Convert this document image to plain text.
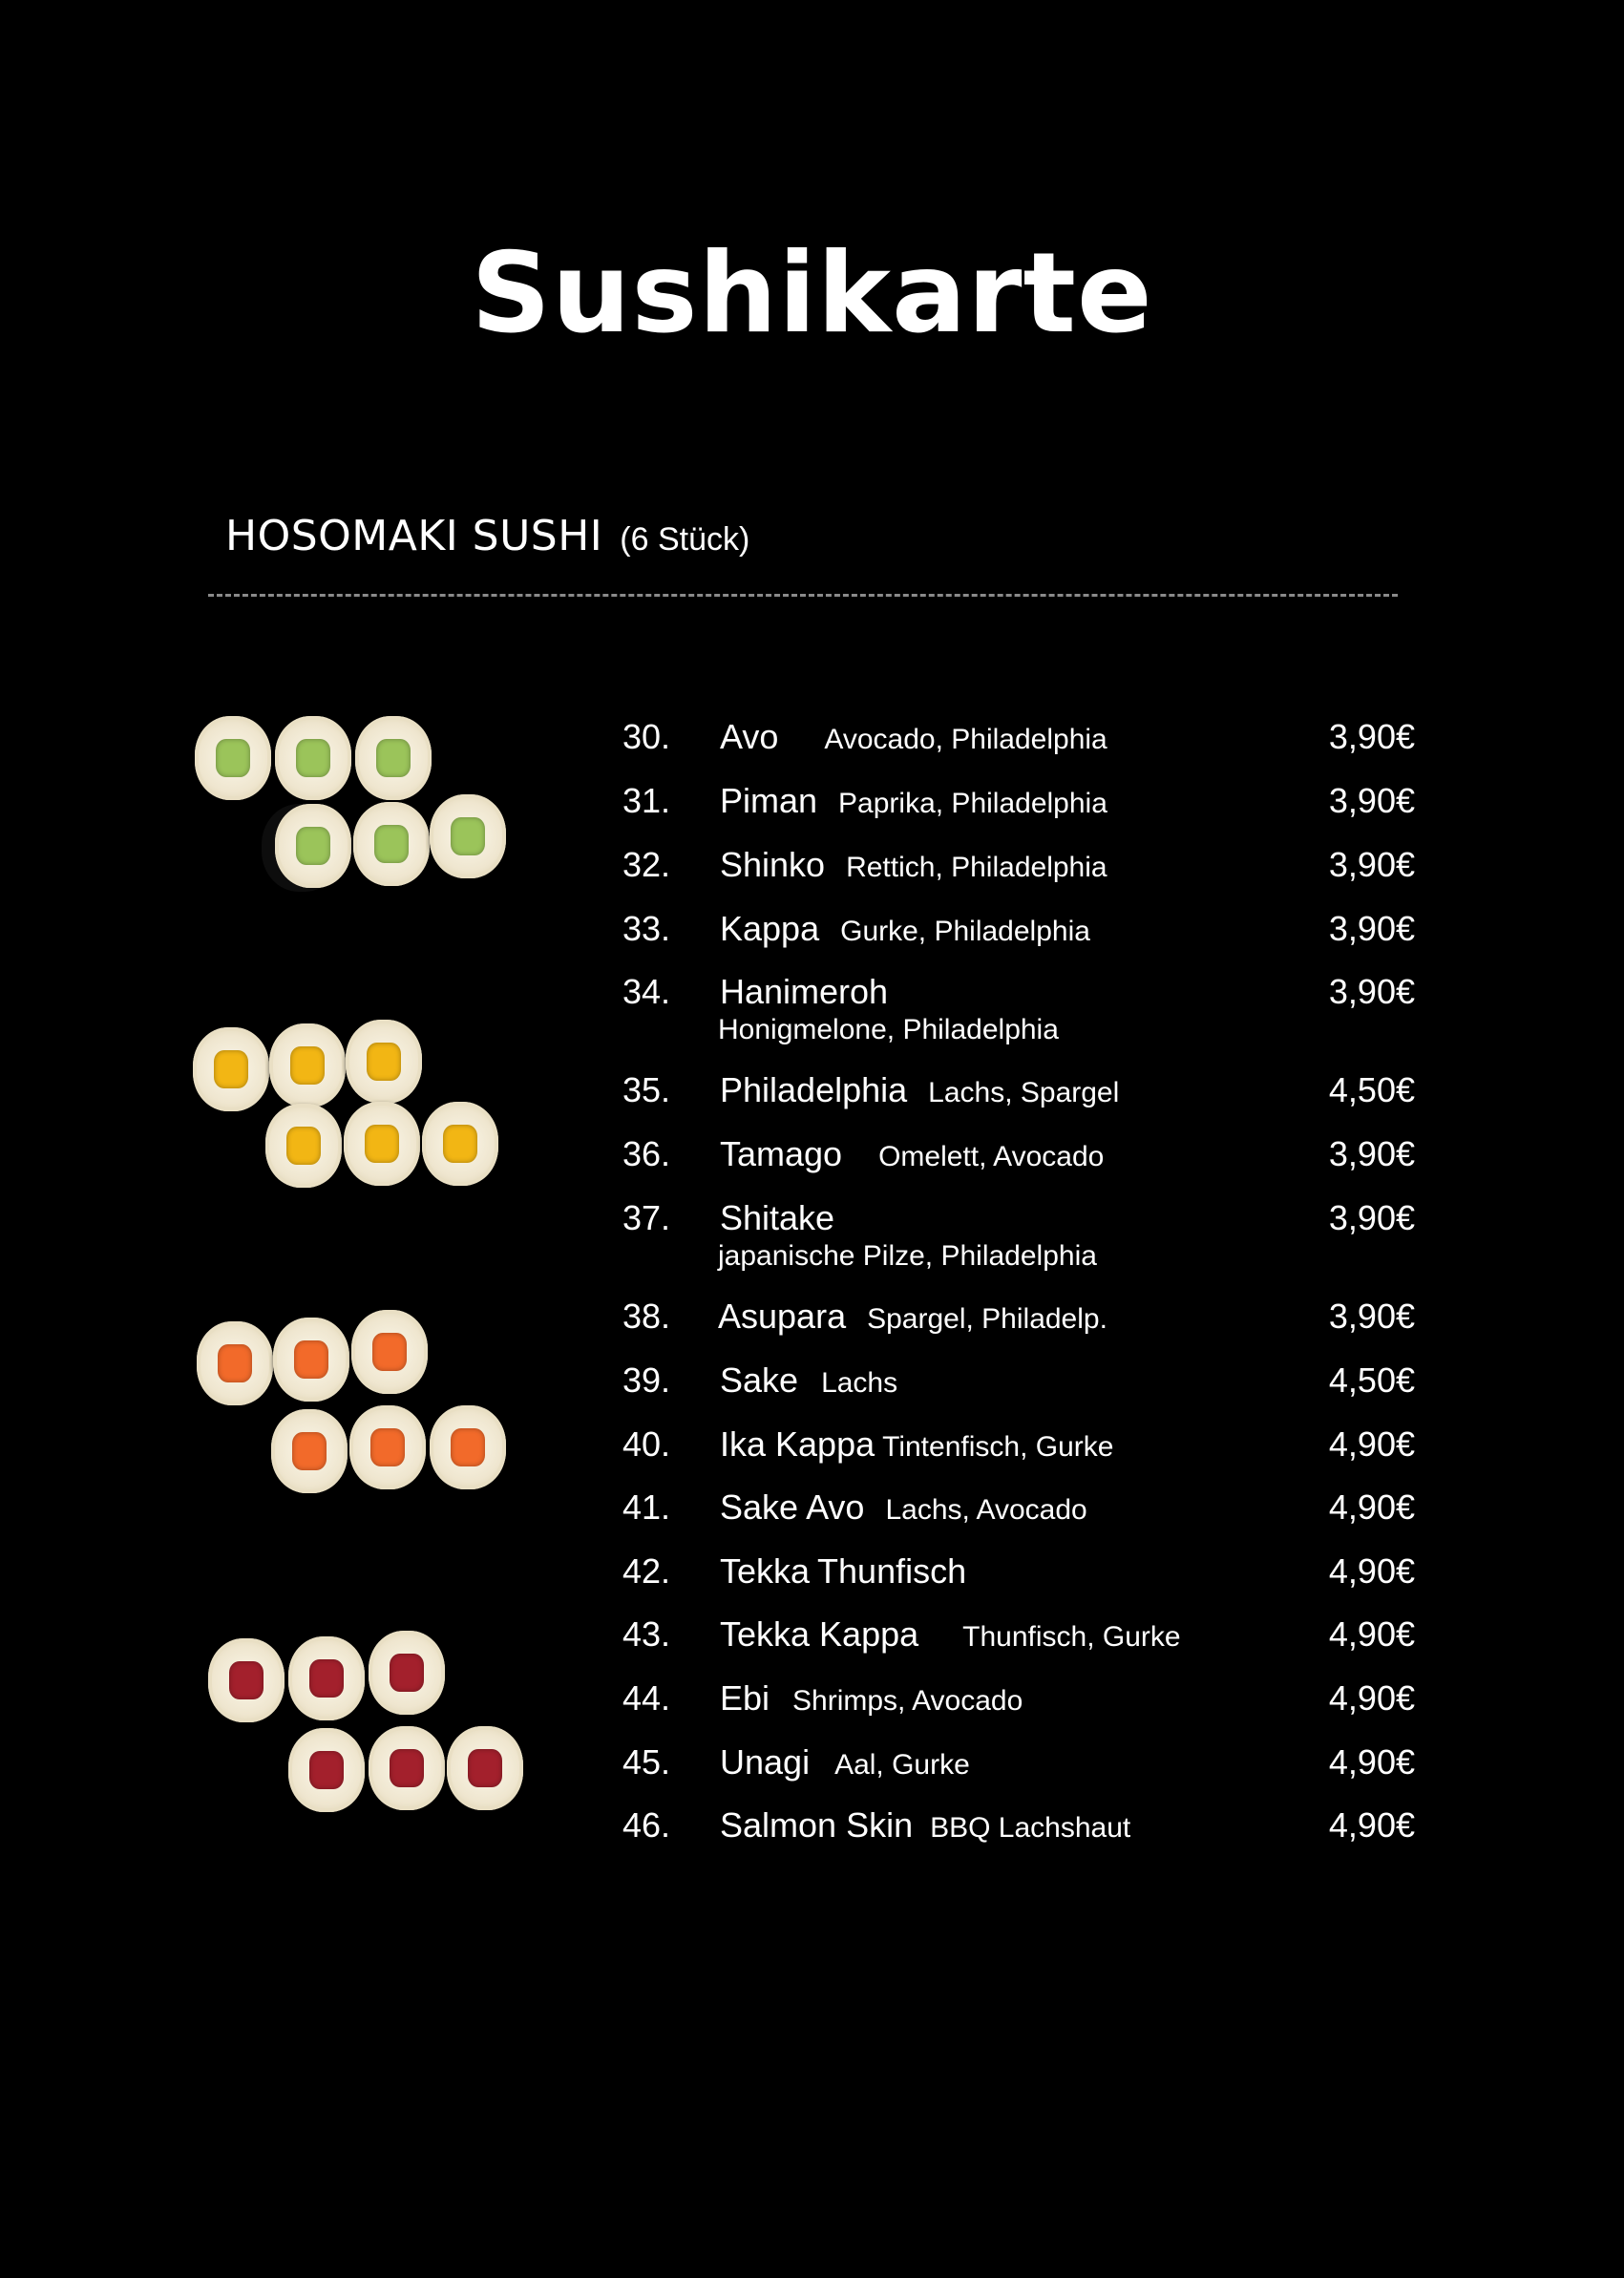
Sushikarte
HOSOMAKI SUSHI (6 Stück)
30. Avo Avocado, Philadelphia	3,90€
31. Piman Paprika, Philadelphia	3,90€
32. Shinko Rettich, Philadelphia	3,90€
33. Kappa Gurke, Philadelphia	3,90€
34. Hanimeroh
Honigmelone, Philadelphia
3,90€
35. Philadelphia Lachs, Spargel	4,50€
36. Tamago Omelett, Avocado	3,90€
37. Shitake
japanische Pilze, Philadelphia
3,90€
38. Asupara Spargel, Philadelp.	3,90€
39. Sake Lachs	4,50€
40. Ika Kappa Tintenfisch, Gurke	4,90€
41. Sake Avo Lachs, Avocado	4,90€
42. Tekka Thunfisch	4,90€
43. Tekka Kappa Thunfisch, Gurke	4,90€
44. Ebi Shrimps, Avocado	4,90€
45. Unagi Aal, Gurke	4,90€
46. Salmon Skin BBQ Lachshaut	4,90€
